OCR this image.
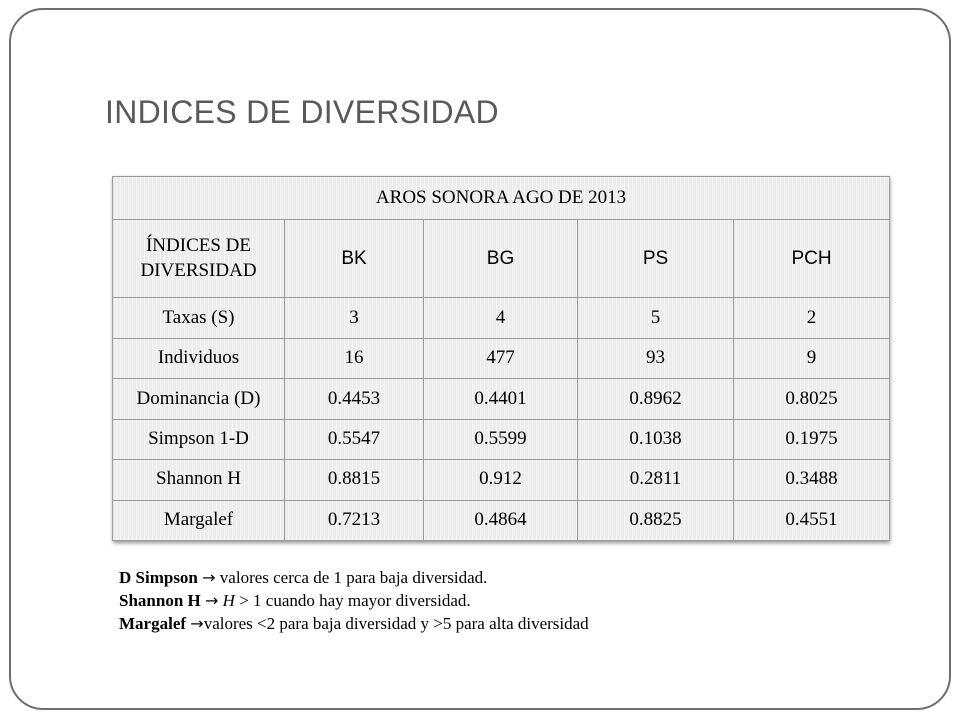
INDICES DE DIVERSIDAD
AROS SONORA AGO DE 2013				
ÍNDICES DE DIVERSIDAD	BK	BG	PS	PCH
Taxas (S)	3	4	5	2
Individuos	16	477	93	9
Dominancia (D)	0.4453	0.4401	0.8962	0.8025
Simpson 1-D	0.5547	0.5599	0.1038	0.1975
Shannon H	0.8815	0.912	0.2811	0.3488
Margalef	0.7213	0.4864	0.8825	0.4551
D Simpson → valores cerca de 1 para baja diversidad.
Shannon H → H > 1 cuando hay mayor diversidad.
Margalef →valores <2 para baja diversidad y >5 para alta diversidad
